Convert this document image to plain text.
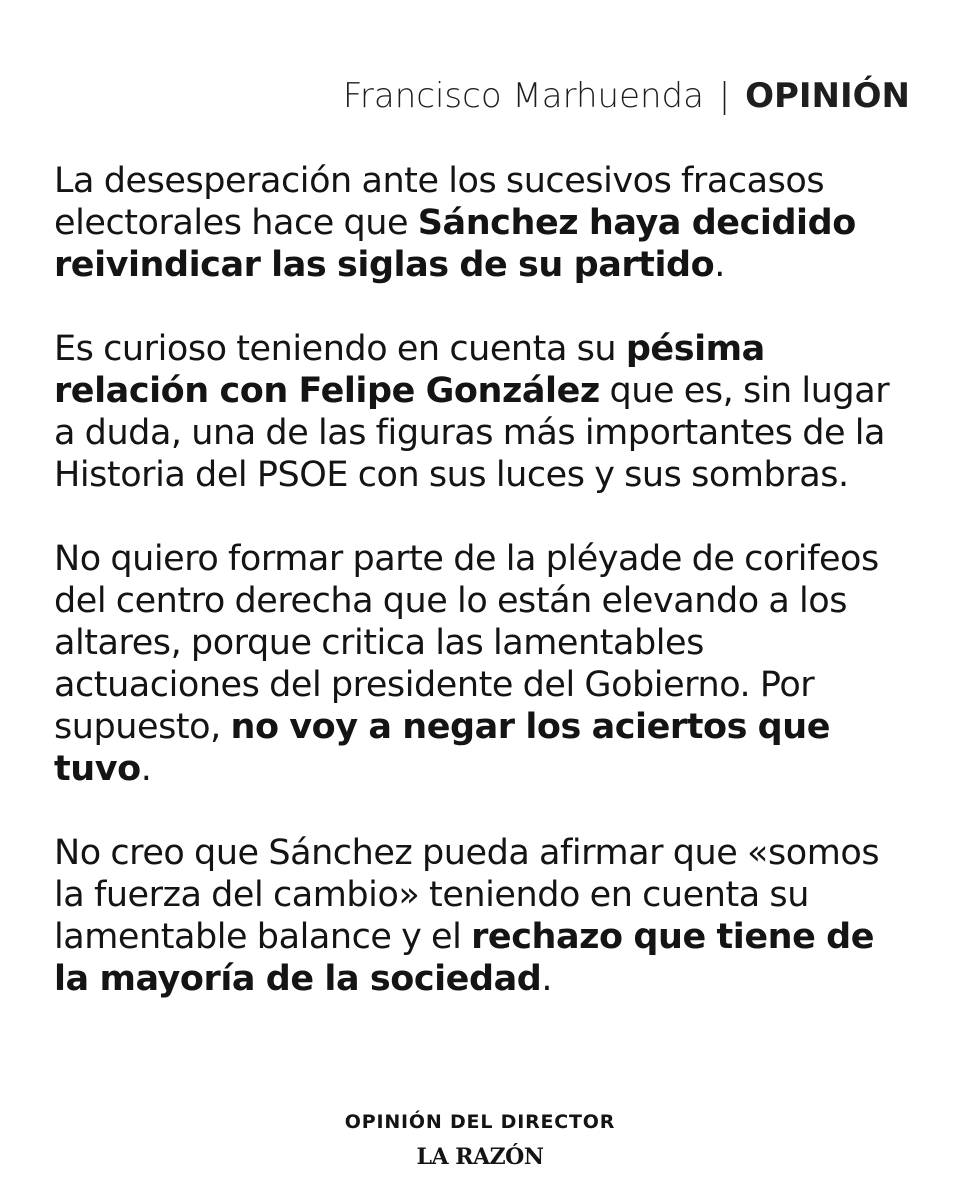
Francisco Marhuenda | OPINIÓN

La desesperación ante los sucesivos fracasos electorales hace que Sánchez haya decidido reivindicar las siglas de su partido.

Es curioso teniendo en cuenta su pésima relación con Felipe González que es, sin lugar a duda, una de las figuras más importantes de la Historia del PSOE con sus luces y sus sombras.

No quiero formar parte de la pléyade de corifeos del centro derecha que lo están elevando a los altares, porque critica las lamentables actuaciones del presidente del Gobierno. Por supuesto, no voy a negar los aciertos que tuvo.

No creo que Sánchez pueda afirmar que «somos la fuerza del cambio» teniendo en cuenta su lamentable balance y el rechazo que tiene de la mayoría de la sociedad.

OPINIÓN DEL DIRECTOR
LA RAZÓN
